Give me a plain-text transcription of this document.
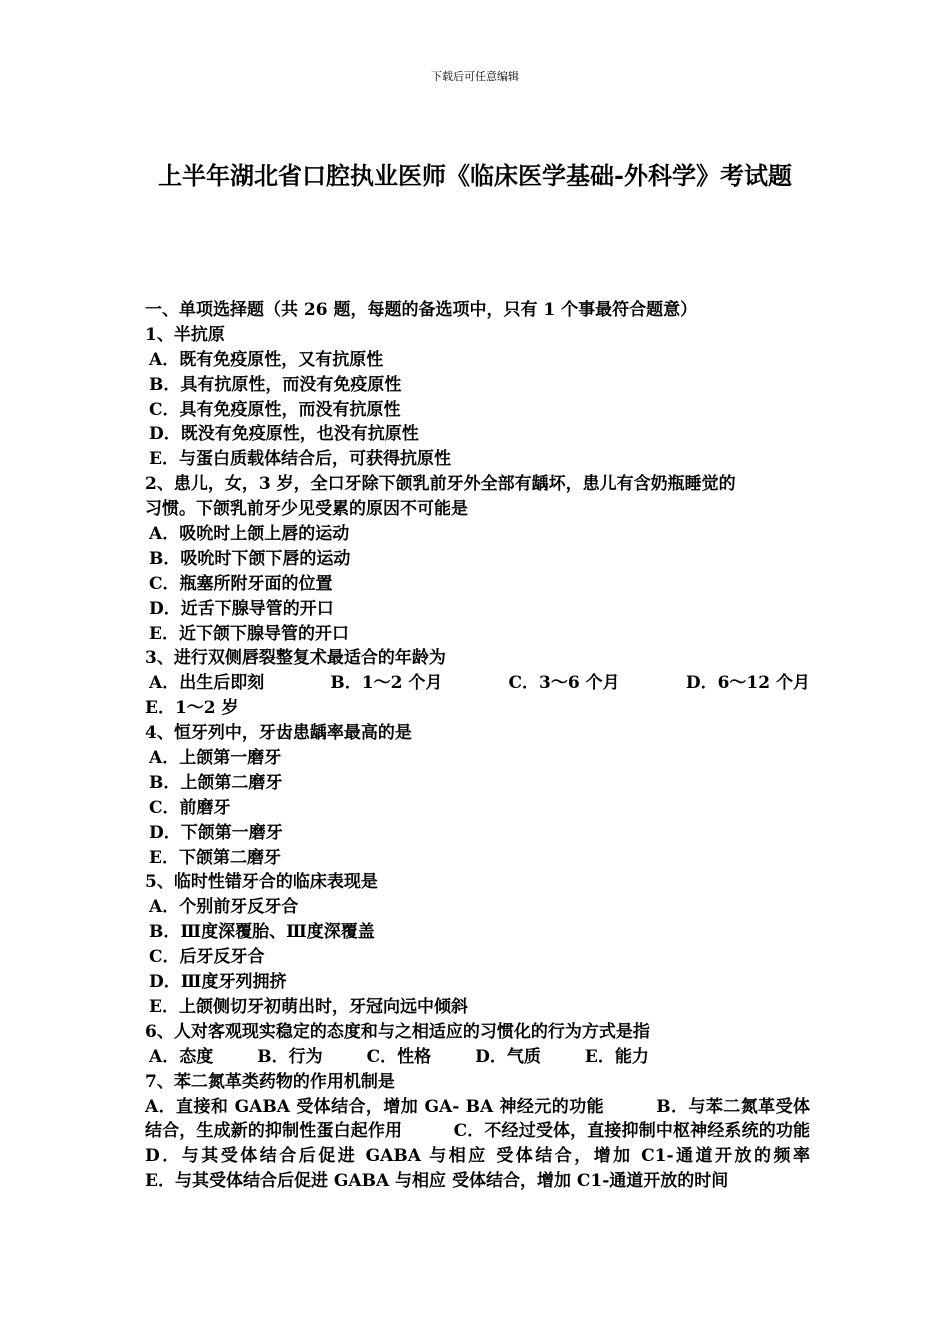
下载后可任意编辑
上半年湖北省口腔执业医师《临床医学基础-外科学》考试题
一、单项选择题（共 26 题，每题的备选项中，只有 1 个事最符合题意）
1、半抗原
A．既有免疫原性，又有抗原性
B．具有抗原性，而没有免疫原性
C．具有免疫原性，而没有抗原性
D．既没有免疫原性，也没有抗原性
E．与蛋白质载体结合后，可获得抗原性
2、患儿，女，3 岁，全口牙除下颌乳前牙外全部有龋坏，患儿有含奶瓶睡觉的
习惯。下颌乳前牙少见受累的原因不可能是
A．吸吮时上颌上唇的运动
B．吸吮时下颌下唇的运动
C．瓶塞所附牙面的位置
D．近舌下腺导管的开口
E．近下颌下腺导管的开口
3、进行双侧唇裂整复术最适合的年龄为
A．出生后即刻	B．1～2 个月	C．3～6 个月	D．6～12 个月
E．1～2 岁
4、恒牙列中，牙齿患龋率最高的是
A．上颌第一磨牙
B．上颌第二磨牙
C．前磨牙
D．下颌第一磨牙
E．下颌第二磨牙
5、临时性错牙合的临床表现是
A．个别前牙反牙合
B．Ⅲ度深覆胎、Ⅲ度深覆盖
C．后牙反牙合
D．Ⅲ度牙列拥挤
E．上颌侧切牙初萌出时，牙冠向远中倾斜
6、人对客观现实稳定的态度和与之相适应的习惯化的行为方式是指
A．态度	B．行为	C．性格	D．气质	E．能力
7、苯二氮革类药物的作用机制是
A．直接和 GABA 受体结合，增加 GA- BA 神经元的功能　　　B．与苯二氮革受体结合，生成新的抑制性蛋白起作用　　　C．不经过受体，直接抑制中枢神经系统的功能　　　D．与其受体结合后促进 GABA 与相应 受体结合，增加 C1-通道开放的频率　　　E．与其受体结合后促进 GABA 与相应 受体结合，增加 C1-通道开放的时间
